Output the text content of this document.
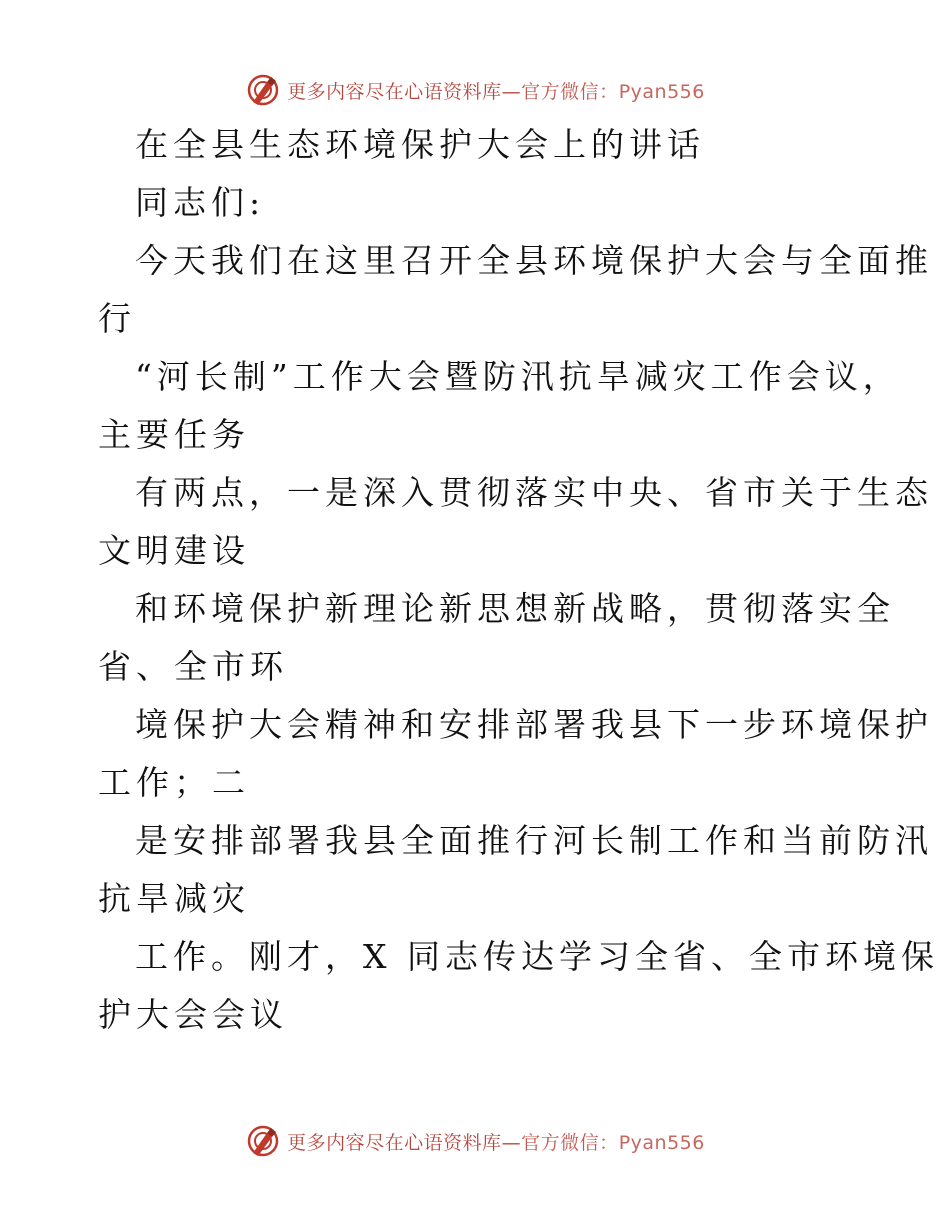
更多内容尽在心语资料库—官方微信：Pyan556

在全县生态环境保护大会上的讲话

同志们:

今天我们在这里召开全县环境保护大会与全面推

行

“河长制”工作大会暨防汛抗旱减灾工作会议，

主要任务

有两点，一是深入贯彻落实中央、省市关于生态

文明建设

和环境保护新理论新思想新战略，贯彻落实全

省、全市环

境保护大会精神和安排部署我县下一步环境保护

工作；二

是安排部署我县全面推行河长制工作和当前防汛

抗旱减灾

工作。刚才，X 同志传达学习全省、全市环境保

护大会会议

更多内容尽在心语资料库—官方微信：Pyan556
